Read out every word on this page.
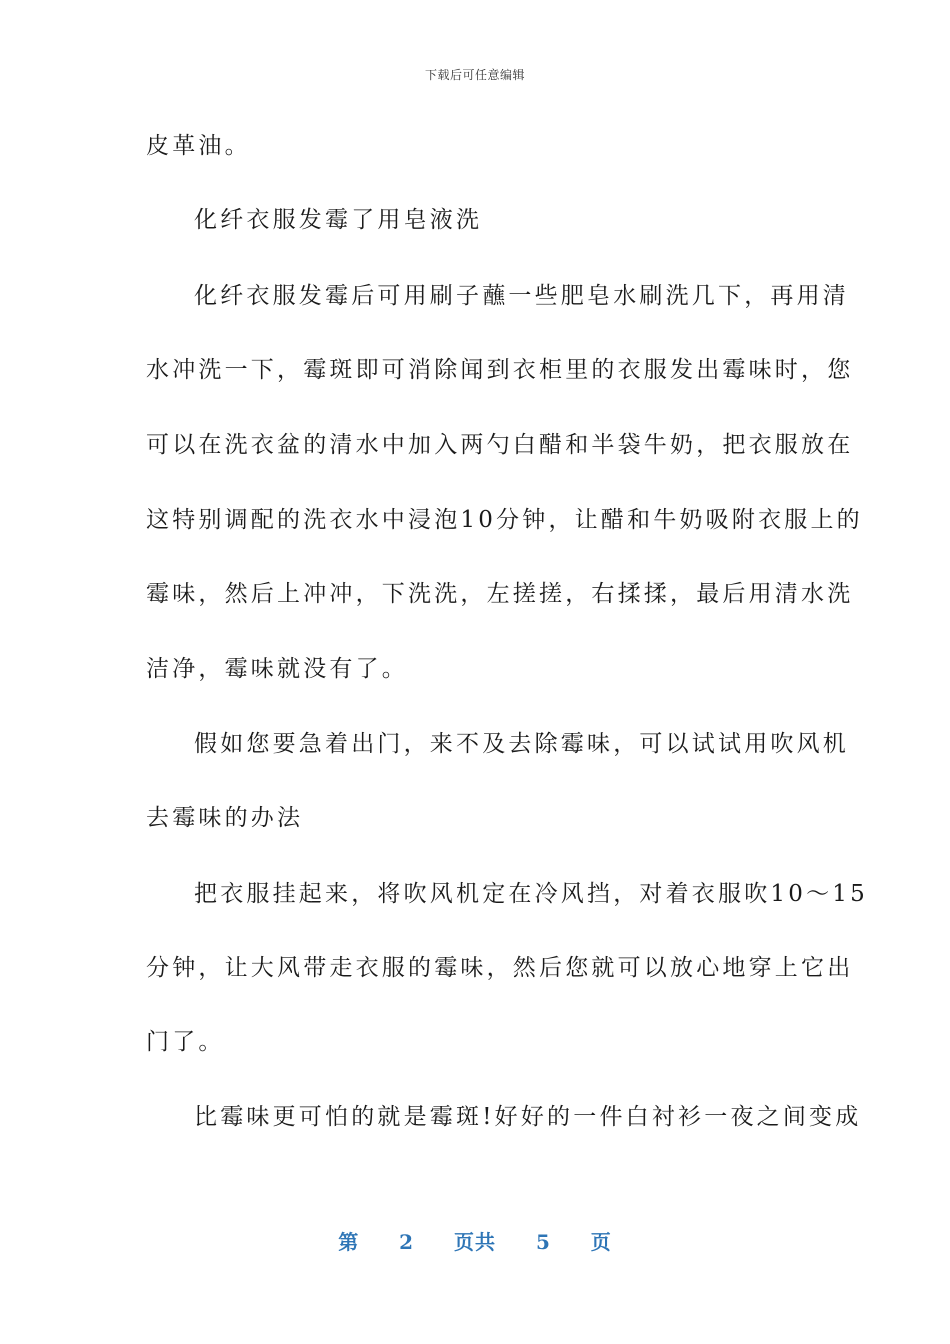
下载后可任意编辑
皮革油。
化纤衣服发霉了用皂液洗
化纤衣服发霉后可用刷子蘸一些肥皂水刷洗几下，再用清
水冲洗一下，霉斑即可消除闻到衣柜里的衣服发出霉味时，您
可以在洗衣盆的清水中加入两勺白醋和半袋牛奶，把衣服放在
这特别调配的洗衣水中浸泡10分钟，让醋和牛奶吸附衣服上的
霉味，然后上冲冲，下洗洗，左搓搓，右揉揉，最后用清水洗
洁净，霉味就没有了。
假如您要急着出门，来不及去除霉味，可以试试用吹风机
去霉味的办法
把衣服挂起来，将吹风机定在冷风挡，对着衣服吹10～15
分钟，让大风带走衣服的霉味，然后您就可以放心地穿上它出
门了。
比霉味更可怕的就是霉斑!好好的一件白衬衫一夜之间变成
第 2 页共 5 页
